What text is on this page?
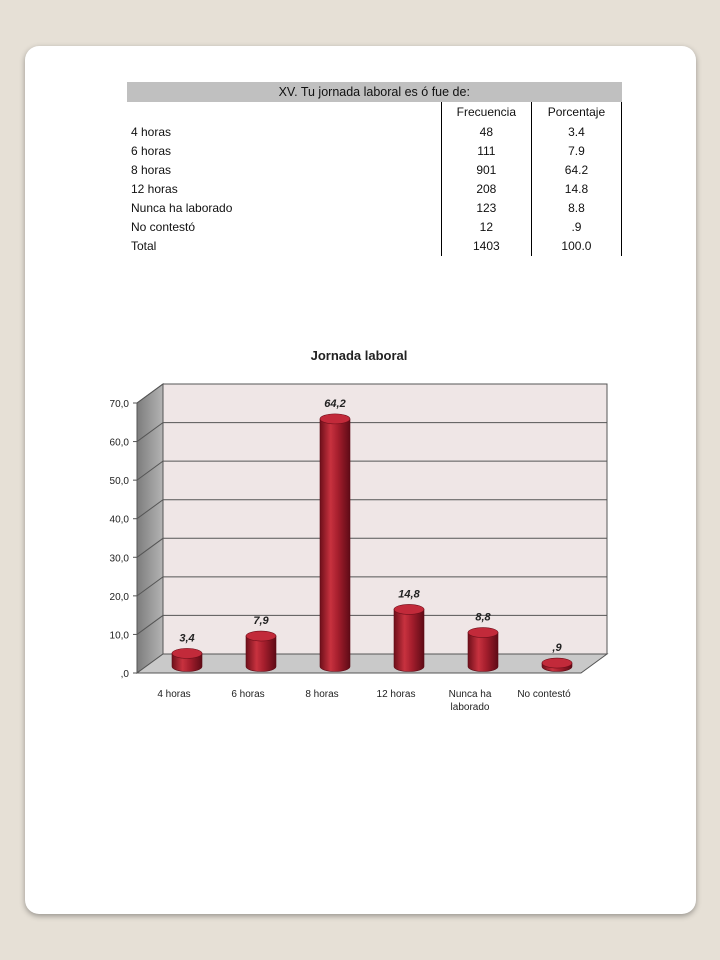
XV. Tu jornada laboral es ó fue de:		
	Frecuencia	Porcentaje
4 horas	48	3.4
6 horas	111	7.9
8 horas	901	64.2
12 horas	208	14.8
Nunca ha laborado	123	8.8
No contestó	12	.9
Total	1403	100.0
,0
10,0
20,0
30,0
40,0
50,0
60,0
70,0
Jornada laboral
3,4
7,9
64,2
14,8
8,8
,9
4 horas	6 horas	8 horas	12 horas	Nunca ha laborado
No contestó
